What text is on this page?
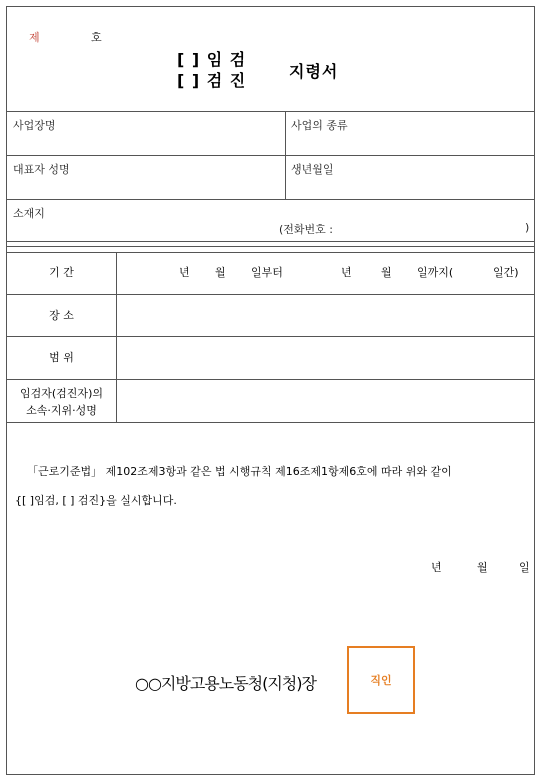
제	호
[ ] 임 검
[ ] 검 진	지령서
사업장명	사업의 종류
대표자 성명	생년월일
소재지
(전화번호 :	)
기 간	년 월 일부터	년	월 일까지(	일간)
장 소
범 위
임검자(검진자)의
소속·지위·성명
「근로기준법」 제102조제3항과 같은 법 시행규칙 제16조제1항제6호에 따라 위와 같이
{[ ]임검, [ ] 검진}을 실시합니다.
년	월	일
○○지방고용노동청(지청)장	직인
